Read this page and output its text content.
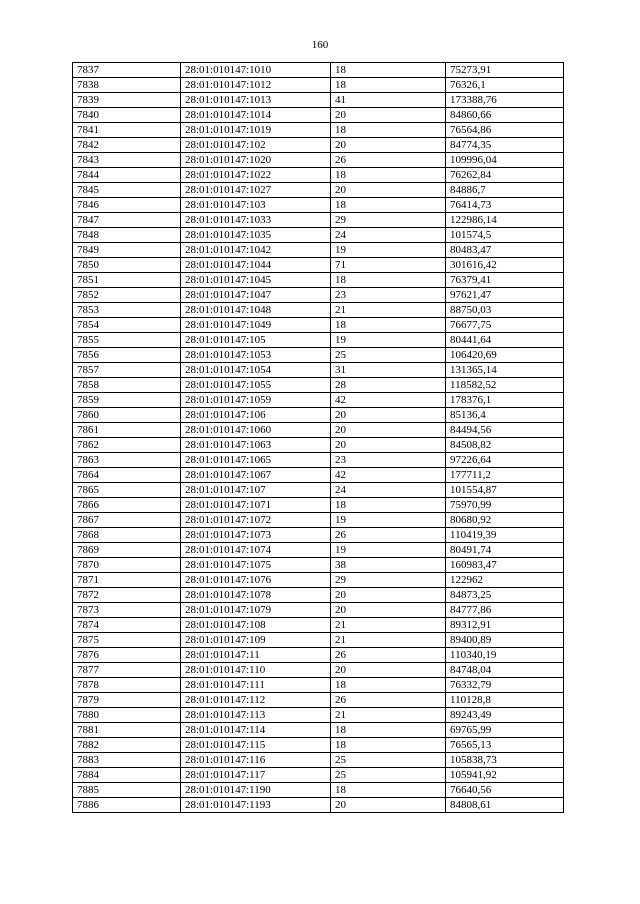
160
7837	28:01:010147:1010	18	75273,91
7838	28:01:010147:1012	18	76326,1
7839	28:01:010147:1013	41	173388,76
7840	28:01:010147:1014	20	84860,66
7841	28:01:010147:1019	18	76564,86
7842	28:01:010147:102	20	84774,35
7843	28:01:010147:1020	26	109996,04
7844	28:01:010147:1022	18	76262,84
7845	28:01:010147:1027	20	84886,7
7846	28:01:010147:103	18	76414,73
7847	28:01:010147:1033	29	122986,14
7848	28:01:010147:1035	24	101574,5
7849	28:01:010147:1042	19	80483,47
7850	28:01:010147:1044	71	301616,42
7851	28:01:010147:1045	18	76379,41
7852	28:01:010147:1047	23	97621,47
7853	28:01:010147:1048	21	88750,03
7854	28:01:010147:1049	18	76677,75
7855	28:01:010147:105	19	80441,64
7856	28:01:010147:1053	25	106420,69
7857	28:01:010147:1054	31	131365,14
7858	28:01:010147:1055	28	118582,52
7859	28:01:010147:1059	42	178376,1
7860	28:01:010147:106	20	85136,4
7861	28:01:010147:1060	20	84494,56
7862	28:01:010147:1063	20	84508,82
7863	28:01:010147:1065	23	97226,64
7864	28:01:010147:1067	42	177711,2
7865	28:01:010147:107	24	101554,87
7866	28:01:010147:1071	18	75970,99
7867	28:01:010147:1072	19	80680,92
7868	28:01:010147:1073	26	110419,39
7869	28:01:010147:1074	19	80491,74
7870	28:01:010147:1075	38	160983,47
7871	28:01:010147:1076	29	122962
7872	28:01:010147:1078	20	84873,25
7873	28:01:010147:1079	20	84777,86
7874	28:01:010147:108	21	89312,91
7875	28:01:010147:109	21	89400,89
7876	28:01:010147:11	26	110340,19
7877	28:01:010147:110	20	84748,04
7878	28:01:010147:111	18	76332,79
7879	28:01:010147:112	26	110128,8
7880	28:01:010147:113	21	89243,49
7881	28:01:010147:114	18	69765,99
7882	28:01:010147:115	18	76565,13
7883	28:01:010147:116	25	105838,73
7884	28:01:010147:117	25	105941,92
7885	28:01:010147:1190	18	76640,56
7886	28:01:010147:1193	20	84808,61
